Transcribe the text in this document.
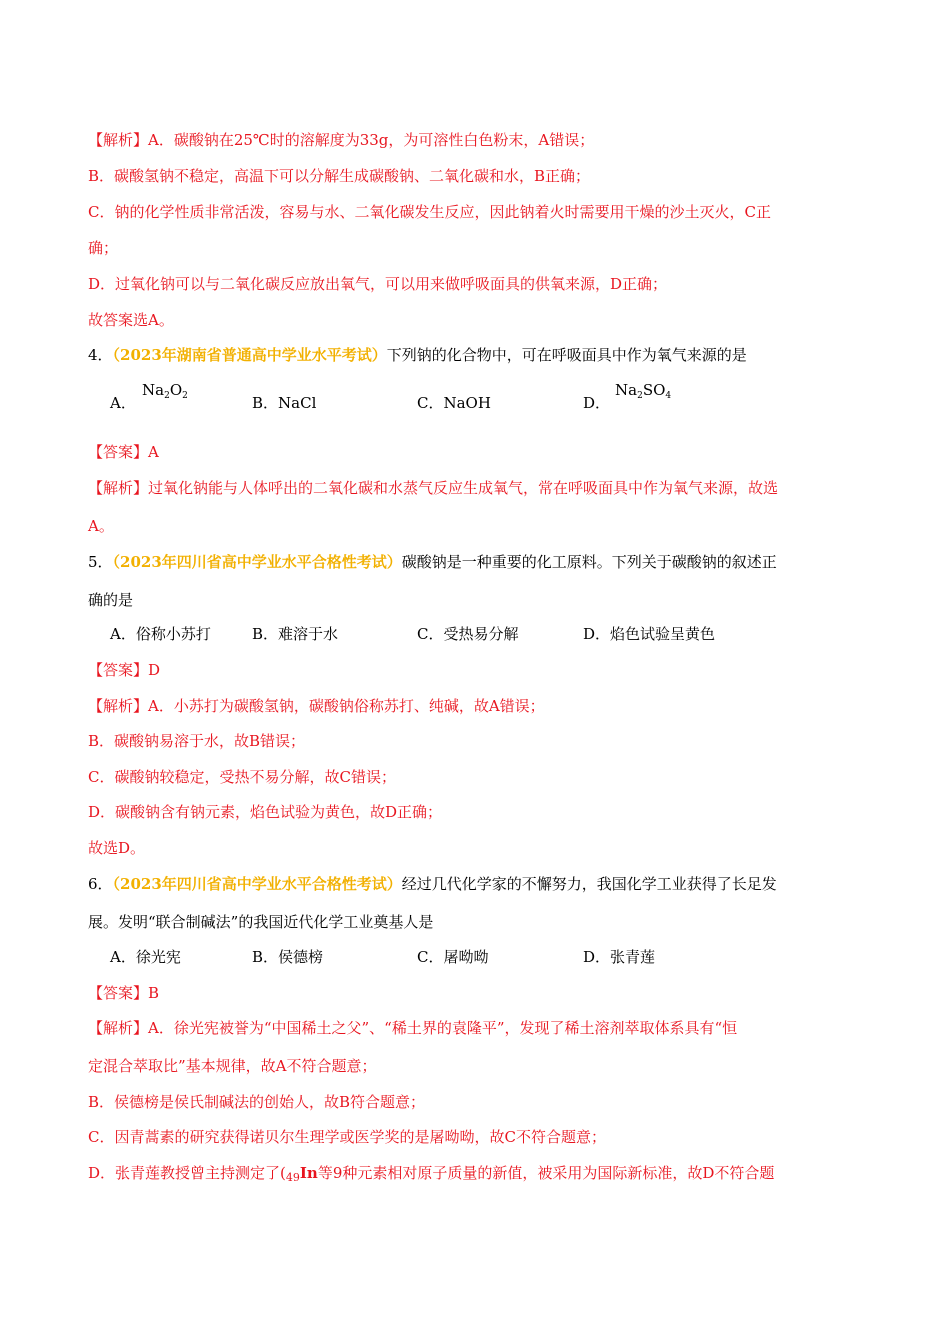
【解析】A．碳酸钠在25℃时的溶解度为33g，为可溶性白色粉末，A错误；
B．碳酸氢钠不稳定，高温下可以分解生成碳酸钠、二氧化碳和水，B正确；
C．钠的化学性质非常活泼，容易与水、二氧化碳发生反应，因此钠着火时需要用干燥的沙土灭火，C正
确；
D．过氧化钠可以与二氧化碳反应放出氧气，可以用来做呼吸面具的供氧来源，D正确；
故答案选A。
4．（2023年湖南省普通高中学业水平考试）下列钠的化合物中，可在呼吸面具中作为氧气来源的是
A．
$Na_2O_2$	B．NaCl	C．NaOH	D．
$Na_2SO_4$
【答案】A
【解析】过氧化钠能与人体呼出的二氧化碳和水蒸气反应生成氧气，常在呼吸面具中作为氧气来源，故选
A。
5．（2023年四川省高中学业水平合格性考试）碳酸钠是一种重要的化工原料。下列关于碳酸钠的叙述正
确的是
A．俗称小苏打	B．难溶于水	C．受热易分解	D．焰色试验呈黄色
【答案】D
【解析】A．小苏打为碳酸氢钠，碳酸钠俗称苏打、纯碱，故A错误；
B．碳酸钠易溶于水，故B错误；
C．碳酸钠较稳定，受热不易分解，故C错误；
D．碳酸钠含有钠元素，焰色试验为黄色，故D正确；
故选D。
6．（2023年四川省高中学业水平合格性考试）经过几代化学家的不懈努力，我国化学工业获得了长足发
展。发明“联合制碱法”的我国近代化学工业奠基人是
A．徐光宪	B．侯德榜	C．屠呦呦	D．张青莲
【答案】B
【解析】A．徐光宪被誉为“中国稀土之父”、“稀土界的袁隆平”，发现了稀土溶剂萃取体系具有“恒
定混合萃取比”基本规律，故A不符合题意；
B．侯德榜是侯氏制碱法的创始人，故B符合题意；
C．因青蒿素的研究获得诺贝尔生理学或医学奖的是屠呦呦，故C不符合题意；
D．张青莲教授曾主持测定了($_{49}In$等9种元素相对原子质量的新值，被采用为国际新标准，故D不符合题
